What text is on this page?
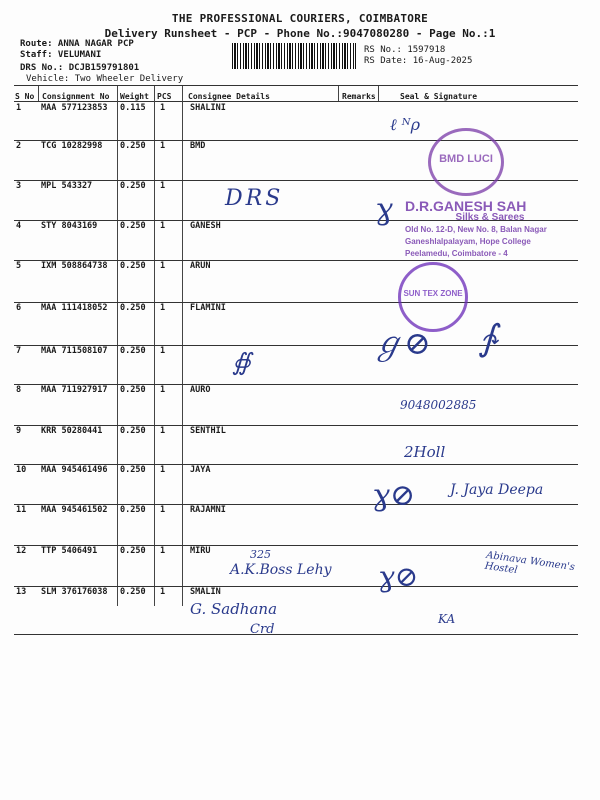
THE PROFESSIONAL COURIERS, COIMBATORE
Delivery Runsheet - PCP - Phone No.:9047080280 - Page No.:1
Route: ANNA NAGAR PCP
Staff: VELUMANI
DRS No.: DCJB159791801
Vehicle: Two Wheeler Delivery
RS No.: 1597918
RS Date: 16-Aug-2025
S No Consignment No Weight PCS Consignee Details	Remarks	Seal & Signature
1 MAA 577123853 0.115 1	SHALINI
2 TCG 10282998 0.250 1	BMD
3 MPL 543327	0.250 1
4 STY 8043169	0.250 1	GANESH
5 IXM 508864738 0.250 1	ARUN
6 MAA 111418052 0.250 1	FLAMINI
7 MAA 711508107 0.250 1
8 MAA 711927917 0.250 1	AURO
9 KRR 50280441 0.250 1	SENTHIL
10 MAA 945461496 0.250 1	JAYA
11 MAA 945461502 0.250 1	RAJAMNI
12 TTP 5406491	0.250 1	MIRU
13 SLM 376176038 0.250 1	SMALIN
ℓ ᴺρ
DRS	ɣ
∯	ℊ⊘ ∱
9048002885
2Holl
ɣ⊘ J. Jaya Deepa
325
A.K.Boss Lehy ɣ⊘	Abinava Women's Hostel
G. Sadhana
Crd
KA
BMD LUCI
D.R.GANESH SAH
Silks & Sarees
Old No. 12-D, New No. 8, Balan Nagar
Ganeshlalpalayam, Hope College
Peelamedu, Coimbatore - 4
SUN TEX ZONE
